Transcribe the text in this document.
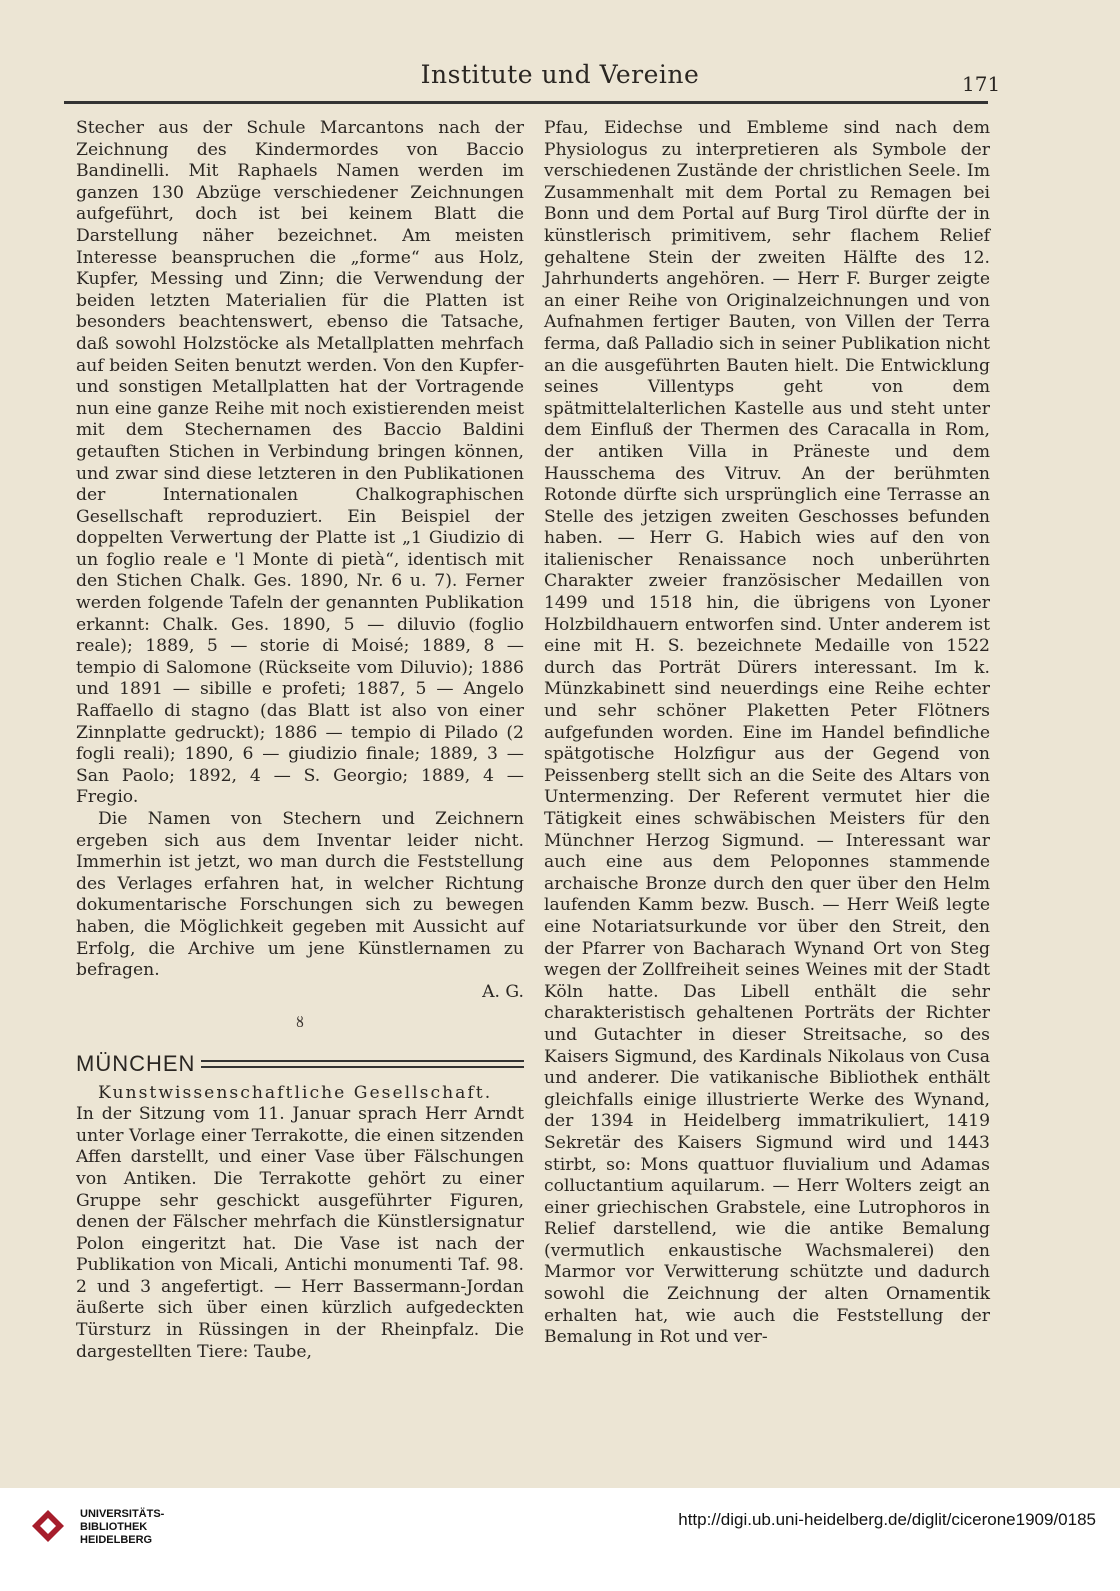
Institute und Vereine	171

Stecher aus der Schule Marcantons nach der Zeichnung des Kindermordes von Baccio Bandinelli. Mit Raphaels Namen werden im ganzen 130 Abzüge verschiedener Zeichnungen aufgeführt, doch ist bei keinem Blatt die Darstellung näher bezeichnet. Am meisten Interesse beanspruchen die „forme“ aus Holz, Kupfer, Messing und Zinn; die Verwendung der beiden letzten Materialien für die Platten ist besonders beachtenswert, ebenso die Tatsache, daß sowohl Holzstöcke als Metallplatten mehrfach auf beiden Seiten benutzt werden. Von den Kupfer- und sonstigen Metallplatten hat der Vortragende nun eine ganze Reihe mit noch existierenden meist mit dem Stechernamen des Baccio Baldini getauften Stichen in Verbindung bringen können, und zwar sind diese letzteren in den Publikationen der Internationalen Chalkographischen Gesellschaft reproduziert. Ein Beispiel der doppelten Verwertung der Platte ist „1 Giudizio di un foglio reale e 'l Monte di pietà“, identisch mit den Stichen Chalk. Ges. 1890, Nr. 6 u. 7). Ferner werden folgende Tafeln der genannten Publikation erkannt: Chalk. Ges. 1890, 5 — diluvio (foglio reale); 1889, 5 — storie di Moisé; 1889, 8 — tempio di Salomone (Rückseite vom Diluvio); 1886 und 1891 — sibille e profeti; 1887, 5 — Angelo Raffaello di stagno (das Blatt ist also von einer Zinnplatte gedruckt); 1886 — tempio di Pilado (2 fogli reali); 1890, 6 — giudizio finale; 1889, 3 — San Paolo; 1892, 4 — S. Georgio; 1889, 4 — Fregio.

Die Namen von Stechern und Zeichnern ergeben sich aus dem Inventar leider nicht. Immerhin ist jetzt, wo man durch die Feststellung des Verlages erfahren hat, in welcher Richtung dokumentarische Forschungen sich zu bewegen haben, die Möglichkeit gegeben mit Aussicht auf Erfolg, die Archive um jene Künstlernamen zu befragen.

A. G.

ȣ
MÜNCHEN

Kunstwissenschaftliche Gesellschaft.

In der Sitzung vom 11. Januar sprach Herr Arndt unter Vorlage einer Terrakotte, die einen sitzenden Affen darstellt, und einer Vase über Fälschungen von Antiken. Die Terrakotte gehört zu einer Gruppe sehr geschickt ausgeführter Figuren, denen der Fälscher mehrfach die Künstlersignatur Polon eingeritzt hat. Die Vase ist nach der Publikation von Micali, Antichi monumenti Taf. 98. 2 und 3 angefertigt. — Herr Bassermann-Jordan äußerte sich über einen kürzlich aufgedeckten Türsturz in Rüssingen in der Rheinpfalz. Die dargestellten Tiere: Taube,

Pfau, Eidechse und Embleme sind nach dem Physiologus zu interpretieren als Symbole der verschiedenen Zustände der christlichen Seele. Im Zusammenhalt mit dem Portal zu Remagen bei Bonn und dem Portal auf Burg Tirol dürfte der in künstlerisch primitivem, sehr flachem Relief gehaltene Stein der zweiten Hälfte des 12. Jahrhunderts angehören. — Herr F. Burger zeigte an einer Reihe von Originalzeichnungen und von Aufnahmen fertiger Bauten, von Villen der Terra ferma, daß Palladio sich in seiner Publikation nicht an die ausgeführten Bauten hielt. Die Entwicklung seines Villentyps geht von dem spätmittelalterlichen Kastelle aus und steht unter dem Einfluß der Thermen des Caracalla in Rom, der antiken Villa in Präneste und dem Hausschema des Vitruv. An der berühmten Rotonde dürfte sich ursprünglich eine Terrasse an Stelle des jetzigen zweiten Geschosses befunden haben. — Herr G. Habich wies auf den von italienischer Renaissance noch unberührten Charakter zweier französischer Medaillen von 1499 und 1518 hin, die übrigens von Lyoner Holzbildhauern entworfen sind. Unter anderem ist eine mit H. S. bezeichnete Medaille von 1522 durch das Porträt Dürers interessant. Im k. Münzkabinett sind neuerdings eine Reihe echter und sehr schöner Plaketten Peter Flötners aufgefunden worden. Eine im Handel befindliche spätgotische Holzfigur aus der Gegend von Peissenberg stellt sich an die Seite des Altars von Untermenzing. Der Referent vermutet hier die Tätigkeit eines schwäbischen Meisters für den Münchner Herzog Sigmund. — Interessant war auch eine aus dem Peloponnes stammende archaische Bronze durch den quer über den Helm laufenden Kamm bezw. Busch. — Herr Weiß legte eine Notariatsurkunde vor über den Streit, den der Pfarrer von Bacharach Wynand Ort von Steg wegen der Zollfreiheit seines Weines mit der Stadt Köln hatte. Das Libell enthält die sehr charakteristisch gehaltenen Porträts der Richter und Gutachter in dieser Streitsache, so des Kaisers Sigmund, des Kardinals Nikolaus von Cusa und anderer. Die vatikanische Bibliothek enthält gleichfalls einige illustrierte Werke des Wynand, der 1394 in Heidelberg immatrikuliert, 1419 Sekretär des Kaisers Sigmund wird und 1443 stirbt, so: Mons quattuor fluvialium und Adamas colluctantium aquilarum. — Herr Wolters zeigt an einer griechischen Grabstele, eine Lutrophoros in Relief darstellend, wie die antike Bemalung (vermutlich enkaustische Wachsmalerei) den Marmor vor Verwitterung schützte und dadurch sowohl die Zeichnung der alten Ornamentik erhalten hat, wie auch die Feststellung der Bemalung in Rot und ver-

UNIVERSITÄTS-
BIBLIOTHEK
HEIDELBERG
http://digi.ub.uni-heidelberg.de/diglit/cicerone1909/0185
